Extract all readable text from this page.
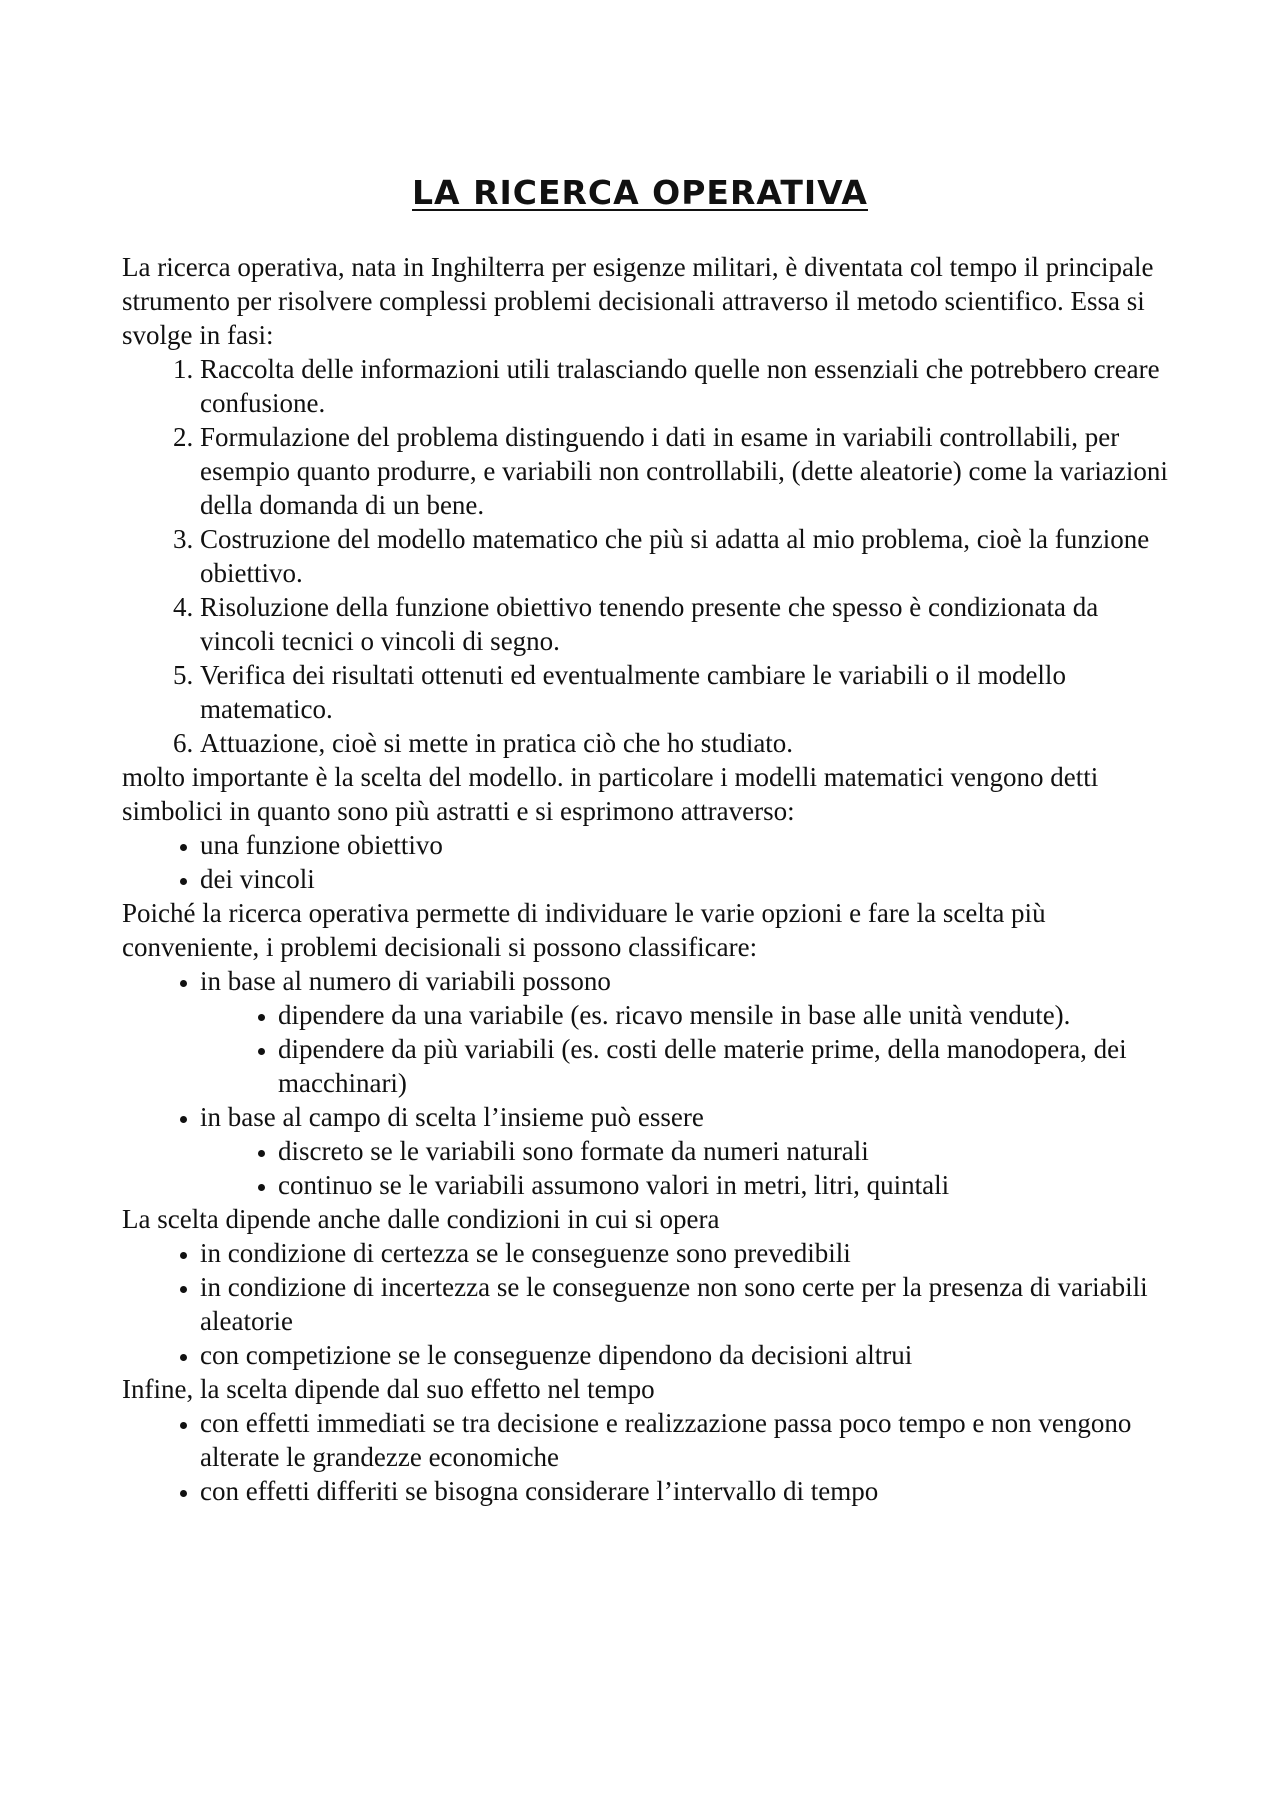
LA RICERCA OPERATIVA

La ricerca operativa, nata in Inghilterra per esigenze militari, è diventata col tempo il principale strumento per risolvere complessi problemi decisionali attraverso il metodo scientifico. Essa si svolge in fasi:

1. Raccolta delle informazioni utili tralasciando quelle non essenziali che potrebbero creare confusione.
2. Formulazione del problema distinguendo i dati in esame in variabili controllabili, per esempio quanto produrre, e variabili non controllabili, (dette aleatorie) come la variazioni della domanda di un bene.
3. Costruzione del modello matematico che più si adatta al mio problema, cioè la funzione obiettivo.
4. Risoluzione della funzione obiettivo tenendo presente che spesso è condizionata da vincoli tecnici o vincoli di segno.
5. Verifica dei risultati ottenuti ed eventualmente cambiare le variabili o il modello matematico.
6. Attuazione, cioè si mette in pratica ciò che ho studiato.

molto importante è la scelta del modello. in particolare i modelli matematici vengono detti simbolici in quanto sono più astratti e si esprimono attraverso:

• una funzione obiettivo
• dei vincoli

Poiché la ricerca operativa permette di individuare le varie opzioni e fare la scelta più conveniente, i problemi decisionali si possono classificare:

• in base al numero di variabili possono
• dipendere da una variabile (es. ricavo mensile in base alle unità vendute).
• dipendere da più variabili (es. costi delle materie prime, della manodopera, dei macchinari)
• in base al campo di scelta l’insieme può essere
• discreto se le variabili sono formate da numeri naturali
• continuo se le variabili assumono valori in metri, litri, quintali

La scelta dipende anche dalle condizioni in cui si opera

• in condizione di certezza se le conseguenze sono prevedibili
• in condizione di incertezza se le conseguenze non sono certe per la presenza di variabili aleatorie
• con competizione se le conseguenze dipendono da decisioni altrui

Infine, la scelta dipende dal suo effetto nel tempo

• con effetti immediati se tra decisione e realizzazione passa poco tempo e non vengono alterate le grandezze economiche
• con effetti differiti se bisogna considerare l’intervallo di tempo
